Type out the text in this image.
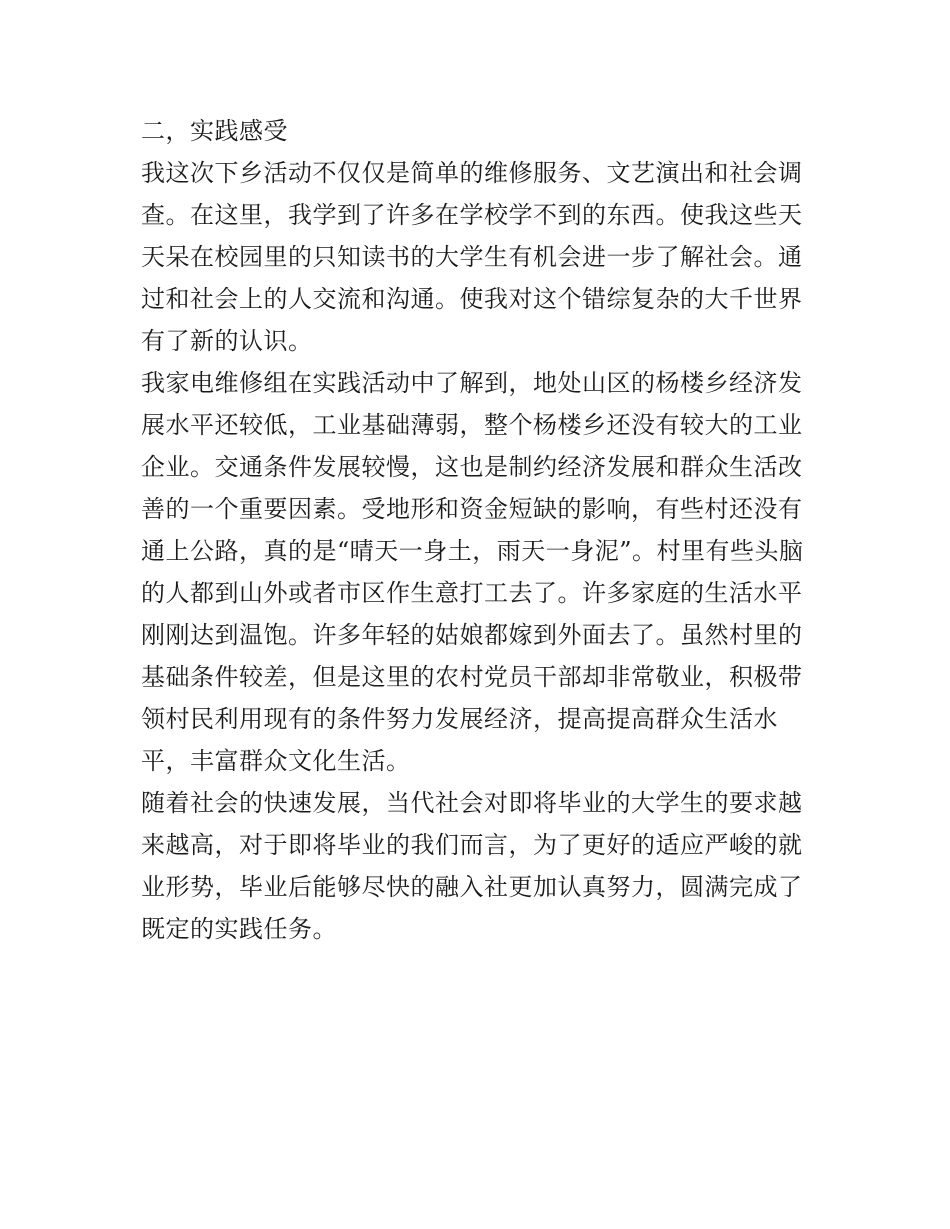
二，实践感受

我这次下乡活动不仅仅是简单的维修服务、文艺演出和社会调
查。在这里，我学到了许多在学校学不到的东西。使我这些天
天呆在校园里的只知读书的大学生有机会进一步了解社会。通
过和社会上的人交流和沟通。使我对这个错综复杂的大千世界
有了新的认识。

我家电维修组在实践活动中了解到，地处山区的杨楼乡经济发
展水平还较低，工业基础薄弱，整个杨楼乡还没有较大的工业
企业。交通条件发展较慢，这也是制约经济发展和群众生活改
善的一个重要因素。受地形和资金短缺的影响，有些村还没有
通上公路，真的是“晴天一身土，雨天一身泥”。村里有些头脑
的人都到山外或者市区作生意打工去了。许多家庭的生活水平
刚刚达到温饱。许多年轻的姑娘都嫁到外面去了。虽然村里的
基础条件较差，但是这里的农村党员干部却非常敬业，积极带
领村民利用现有的条件努力发展经济，提高提高群众生活水
平，丰富群众文化生活。

随着社会的快速发展，当代社会对即将毕业的大学生的要求越
来越高，对于即将毕业的我们而言，为了更好的适应严峻的就
业形势，毕业后能够尽快的融入社更加认真努力，圆满完成了
既定的实践任务。
